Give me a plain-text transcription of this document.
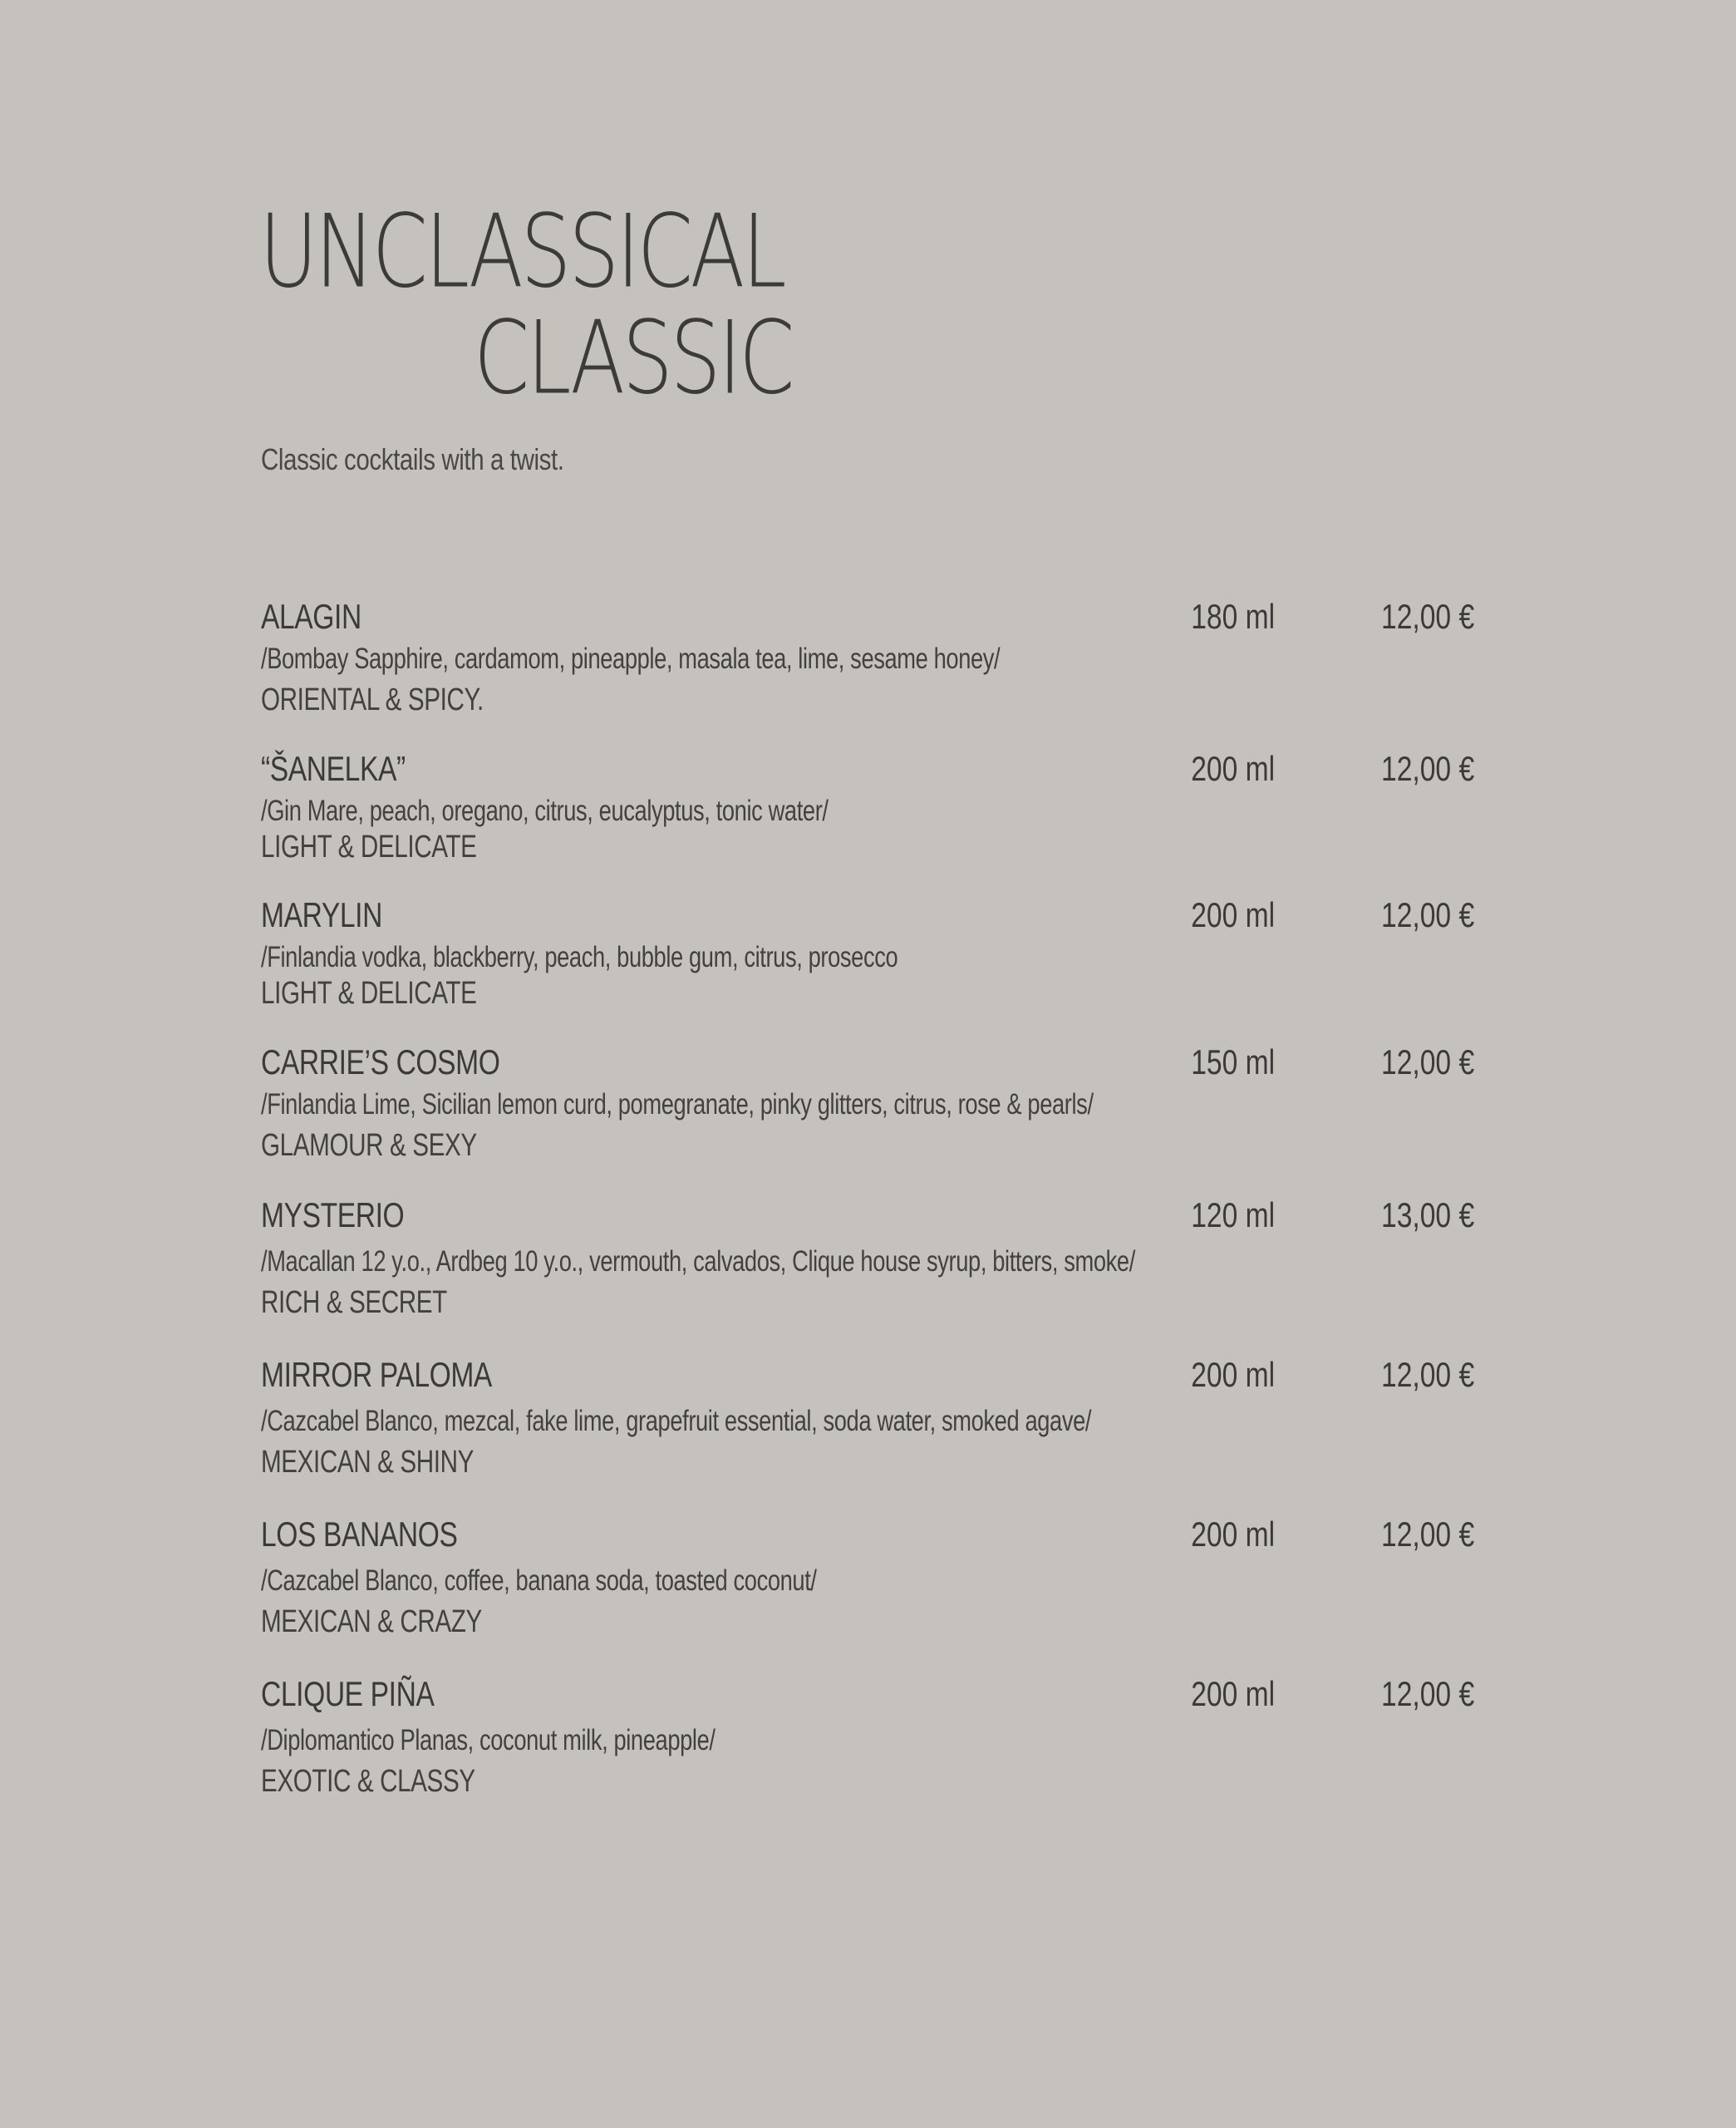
UNCLASSICAL
CLASSIC
Classic cocktails with a twist.
ALAGIN
/Bombay Sapphire, cardamom, pineapple, masala tea, lime, sesame honey/
ORIENTAL & SPICY.
180 ml	12,00 €
“ŠANELKA”
/Gin Mare, peach, oregano, citrus, eucalyptus, tonic water/
LIGHT & DELICATE
200 ml	12,00 €
MARYLIN
/Finlandia vodka, blackberry, peach, bubble gum, citrus, prosecco
LIGHT & DELICATE
200 ml	12,00 €
CARRIE’S COSMO
/Finlandia Lime, Sicilian lemon curd, pomegranate, pinky glitters, citrus, rose & pearls/
GLAMOUR & SEXY
150 ml	12,00 €
MYSTERIO
/Macallan 12 y.o., Ardbeg 10 y.o., vermouth, calvados, Clique house syrup, bitters, smoke/
RICH & SECRET
120 ml	13,00 €
MIRROR PALOMA
/Cazcabel Blanco, mezcal, fake lime, grapefruit essential, soda water, smoked agave/
MEXICAN & SHINY
200 ml	12,00 €
LOS BANANOS
/Cazcabel Blanco, coffee, banana soda, toasted coconut/
MEXICAN & CRAZY
200 ml	12,00 €
CLIQUE PIÑA
/Diplomantico Planas, coconut milk, pineapple/
EXOTIC & CLASSY
200 ml	12,00 €
